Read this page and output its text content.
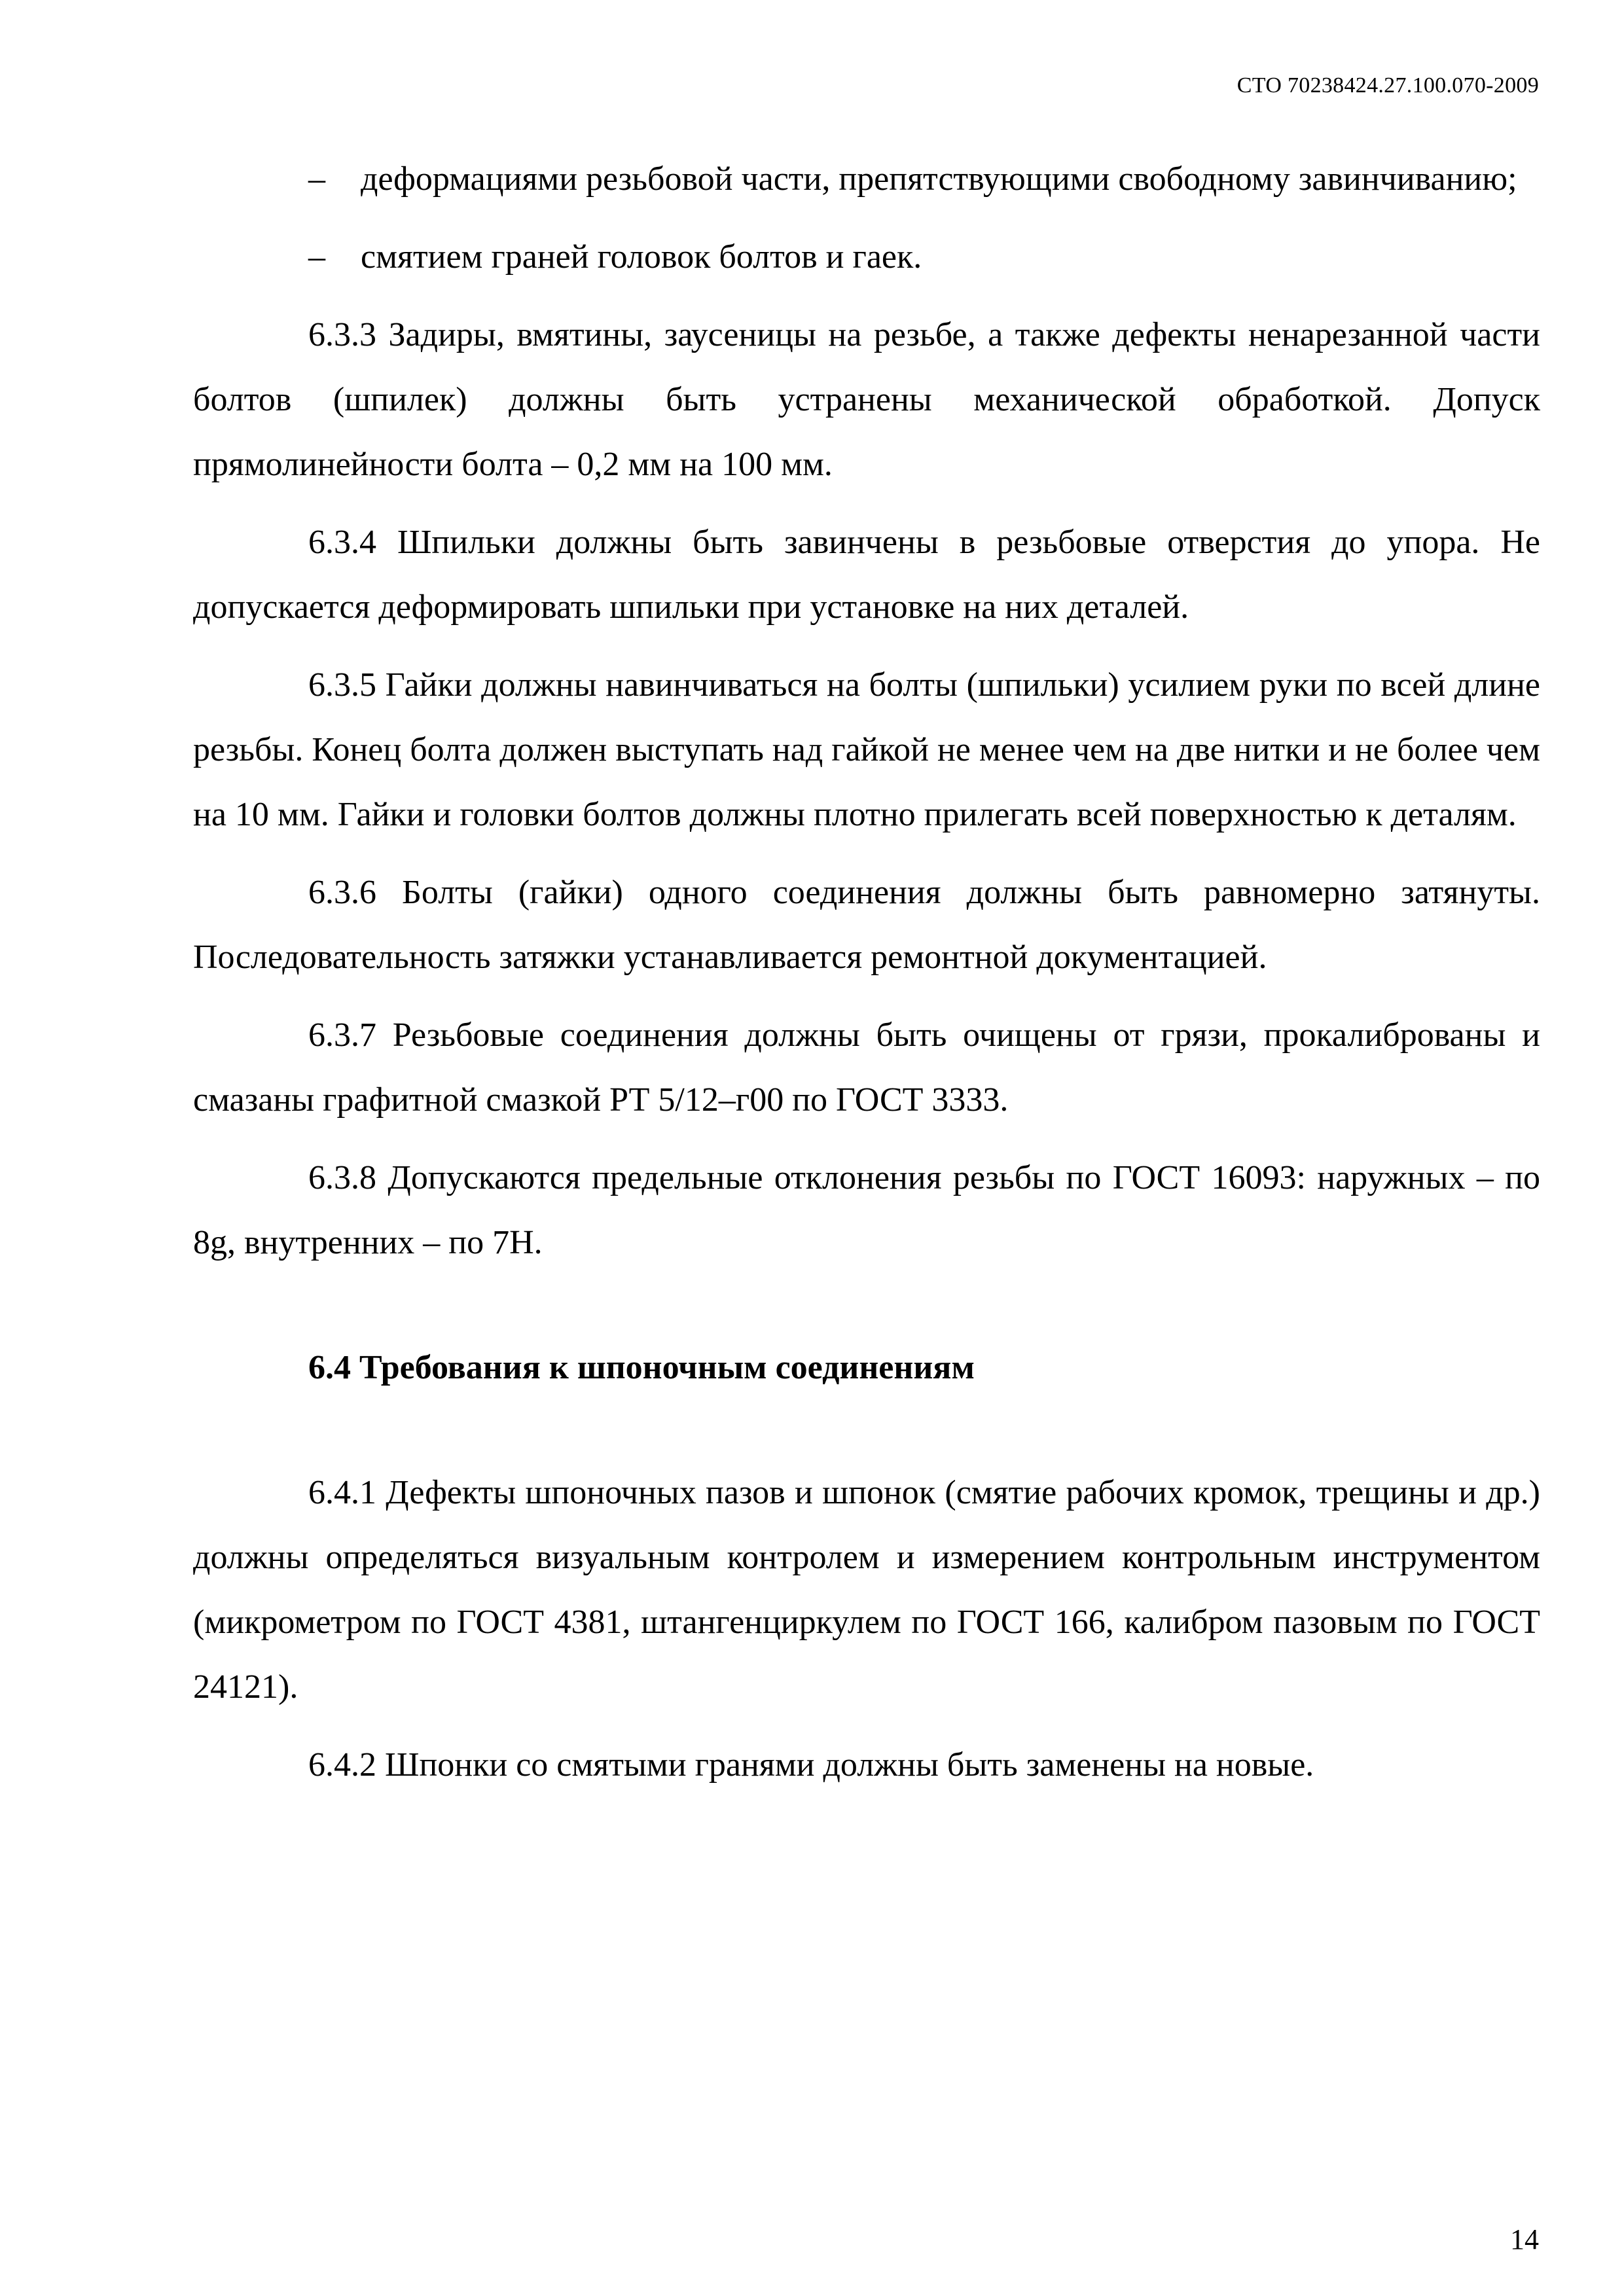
СТО 70238424.27.100.070-2009

– деформациями резьбовой части, препятствующими свободному завинчиванию;

– смятием граней головок болтов и гаек.

6.3.3 Задиры, вмятины, заусеницы на резьбе, а также дефекты ненарезанной части болтов (шпилек) должны быть устранены механической обработкой. Допуск прямолинейности болта – 0,2 мм на 100 мм.

6.3.4 Шпильки должны быть завинчены в резьбовые отверстия до упора. Не допускается деформировать шпильки при установке на них деталей.

6.3.5 Гайки должны навинчиваться на болты (шпильки) усилием руки по всей длине резьбы. Конец болта должен выступать над гайкой не менее чем на две нитки и не более чем на 10 мм. Гайки и головки болтов должны плотно прилегать всей поверхностью к деталям.

6.3.6 Болты (гайки) одного соединения должны быть равномерно затянуты. Последовательность затяжки устанавливается ремонтной документацией.

6.3.7 Резьбовые соединения должны быть очищены от грязи, прокалиброваны и смазаны графитной смазкой РТ 5/12–г00 по ГОСТ 3333.

6.3.8 Допускаются предельные отклонения резьбы по ГОСТ 16093: наружных – по 8g, внутренних – по 7Н.

6.4 Требования к шпоночным соединениям

6.4.1 Дефекты шпоночных пазов и шпонок (смятие рабочих кромок, трещины и др.) должны определяться визуальным контролем и измерением контрольным инструментом (микрометром по ГОСТ 4381, штангенциркулем по ГОСТ 166, калибром пазовым по ГОСТ 24121).

6.4.2 Шпонки со смятыми гранями должны быть заменены на новые.

14
